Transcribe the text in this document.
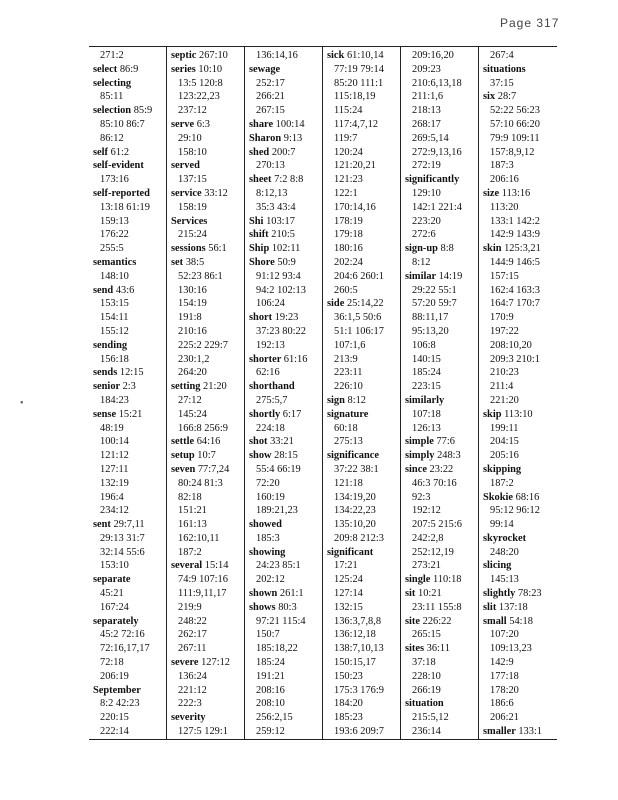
Page 317
•
271:2
select 86:9
selecting
85:11
selection 85:9
85:10 86:7
86:12
self 61:2
self-evident
173:16
self-reported
13:18 61:19
159:13
176:22
255:5
semantics
148:10
send 43:6
153:15
154:11
155:12
sending
156:18
sends 12:15
senior 2:3
184:23
sense 15:21
48:19
100:14
121:12
127:11
132:19
196:4
234:12
sent 29:7,11
29:13 31:7
32:14 55:6
153:10
separate
45:21
167:24
separately
45:2 72:16
72:16,17,17
72:18
206:19
September
8:2 42:23
220:15
222:14
septic 267:10
series 10:10
13:5 120:8
123:22,23
237:12
serve 6:3
29:10
158:10
served
137:15
service 33:12
158:19
Services
215:24
sessions 56:1
set 38:5
52:23 86:1
130:16
154:19
191:8
210:16
225:2 229:7
230:1,2
264:20
setting 21:20
27:12
145:24
166:8 256:9
settle 64:16
setup 10:7
seven 77:7,24
80:24 81:3
82:18
151:21
161:13
162:10,11
187:2
several 15:14
74:9 107:16
111:9,11,17
219:9
248:22
262:17
267:11
severe 127:12
136:24
221:12
222:3
severity
127:5 129:1
136:14,16
sewage
252:17
266:21
267:15
share 100:14
Sharon 9:13
shed 200:7
270:13
sheet 7:2 8:8
8:12,13
35:3 43:4
Shi 103:17
shift 210:5
Ship 102:11
Shore 50:9
91:12 93:4
94:2 102:13
106:24
short 19:23
37:23 80:22
192:13
shorter 61:16
62:16
shorthand
275:5,7
shortly 6:17
224:18
shot 33:21
show 28:15
55:4 66:19
72:20
160:19
189:21,23
showed
185:3
showing
24:23 85:1
202:12
shown 261:1
shows 80:3
97:21 115:4
150:7
185:18,22
185:24
191:21
208:16
208:10
256:2,15
259:12
sick 61:10,14
77:19 79:14
85:20 111:1
115:18,19
115:24
117:4,7,12
119:7
120:24
121:20,21
121:23
122:1
170:14,16
178:19
179:18
180:16
202:24
204:6 260:1
260:5
side 25:14,22
36:1,5 50:6
51:1 106:17
107:1,6
213:9
223:11
226:10
sign 8:12
signature
60:18
275:13
significance
37:22 38:1
121:18
134:19,20
134:22,23
135:10,20
209:8 212:3
significant
17:21
125:24
127:14
132:15
136:3,7,8,8
136:12,18
138:7,10,13
150:15,17
150:23
175:3 176:9
184:20
185:23
193:6 209:7
209:16,20
209:23
210:6,13,18
211:1,6
218:13
268:17
269:5,14
272:9,13,16
272:19
significantly
129:10
142:1 221:4
223:20
272:6
sign-up 8:8
8:12
similar 14:19
29:22 55:1
57:20 59:7
88:11,17
95:13,20
106:8
140:15
185:24
223:15
similarly
107:18
126:13
simple 77:6
simply 248:3
since 23:22
46:3 70:16
92:3
192:12
207:5 215:6
242:2,8
252:12,19
273:21
single 110:18
sit 10:21
23:11 155:8
site 226:22
265:15
sites 36:11
37:18
228:10
266:19
situation
215:5,12
236:14
267:4
situations
37:15
six 28:7
52:22 56:23
57:10 66:20
79:9 109:11
157:8,9,12
187:3
206:16
size 113:16
113:20
133:1 142:2
142:9 143:9
skin 125:3,21
144:9 146:5
157:15
162:4 163:3
164:7 170:7
170:9
197:22
208:10,20
209:3 210:1
210:23
211:4
221:20
skip 113:10
199:11
204:15
205:16
skipping
187:2
Skokie 68:16
95:12 96:12
99:14
skyrocket
248:20
slicing
145:13
slightly 78:23
slit 137:18
small 54:18
107:20
109:13,23
142:9
177:18
178:20
186:6
206:21
smaller 133:1
